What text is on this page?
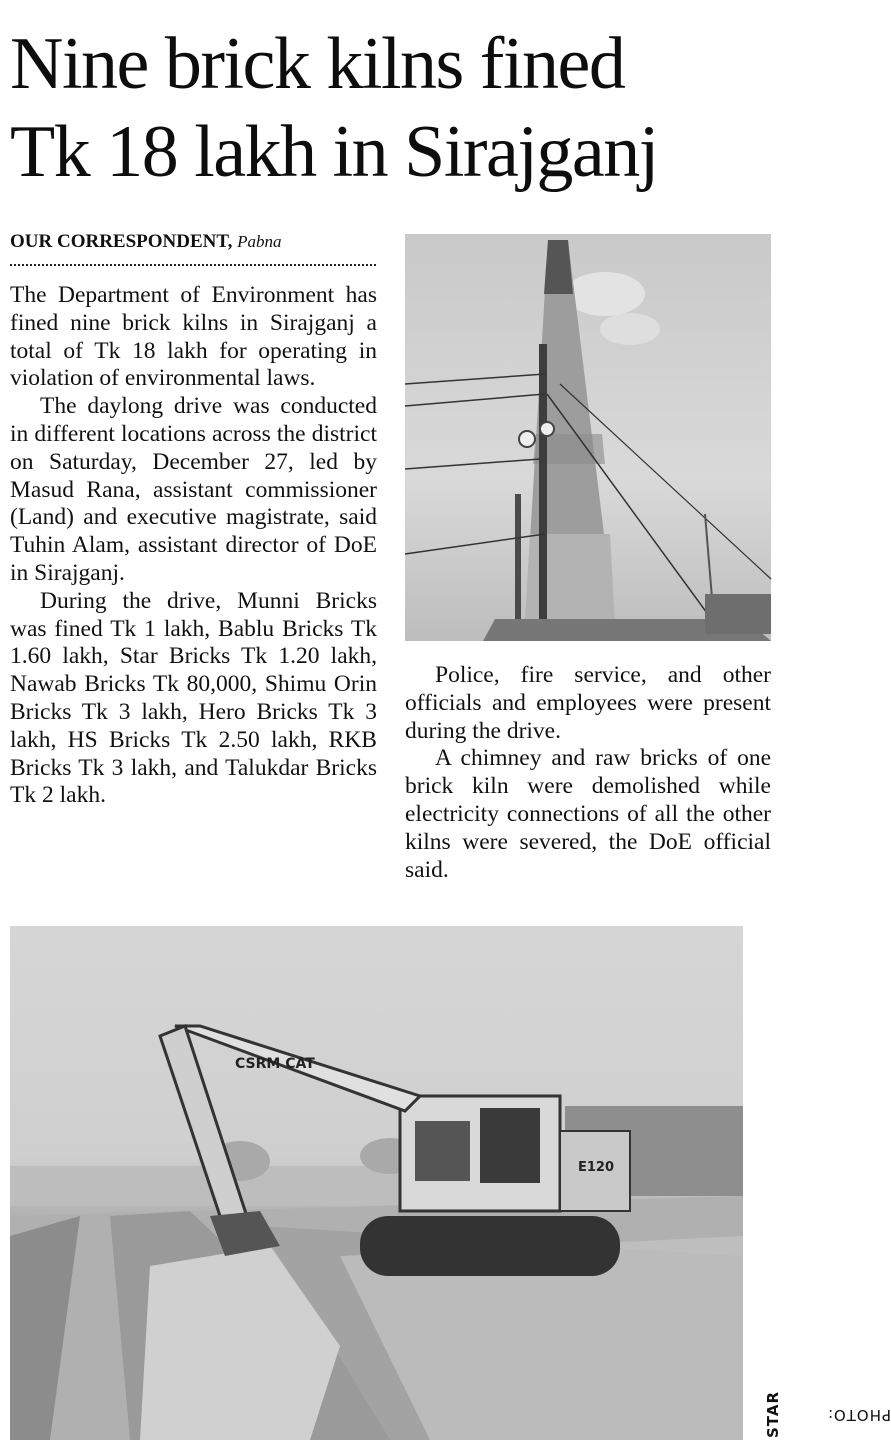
Nine brick kilns fined
Tk 18 lakh in Sirajganj
OUR CORRESPONDENT, Pabna

The Department of Environment has fined nine brick kilns in Sirajganj a total of Tk 18 lakh for operating in violation of environmental laws.

The daylong drive was conducted in different locations across the district on Saturday, December 27, led by Masud Rana, assistant commissioner (Land) and executive magistrate, said Tuhin Alam, assistant director of DoE in Sirajganj.

During the drive, Munni Bricks was fined Tk 1 lakh, Bablu Bricks Tk 1.60 lakh, Star Bricks Tk 1.20 lakh, Nawab Bricks Tk 80,000, Shimu Orin Bricks Tk 3 lakh, Hero Bricks Tk 3 lakh, HS Bricks Tk 2.50 lakh, RKB Bricks Tk 3 lakh, and Talukdar Bricks Tk 2 lakh.

Police, fire service, and other officials and employees were present during the drive.

A chimney and raw bricks of one brick kiln were demolished while electricity connections of all the other kilns were severed, the DoE official said.

CSRM CAT
E120
PHOTO:
STAR
